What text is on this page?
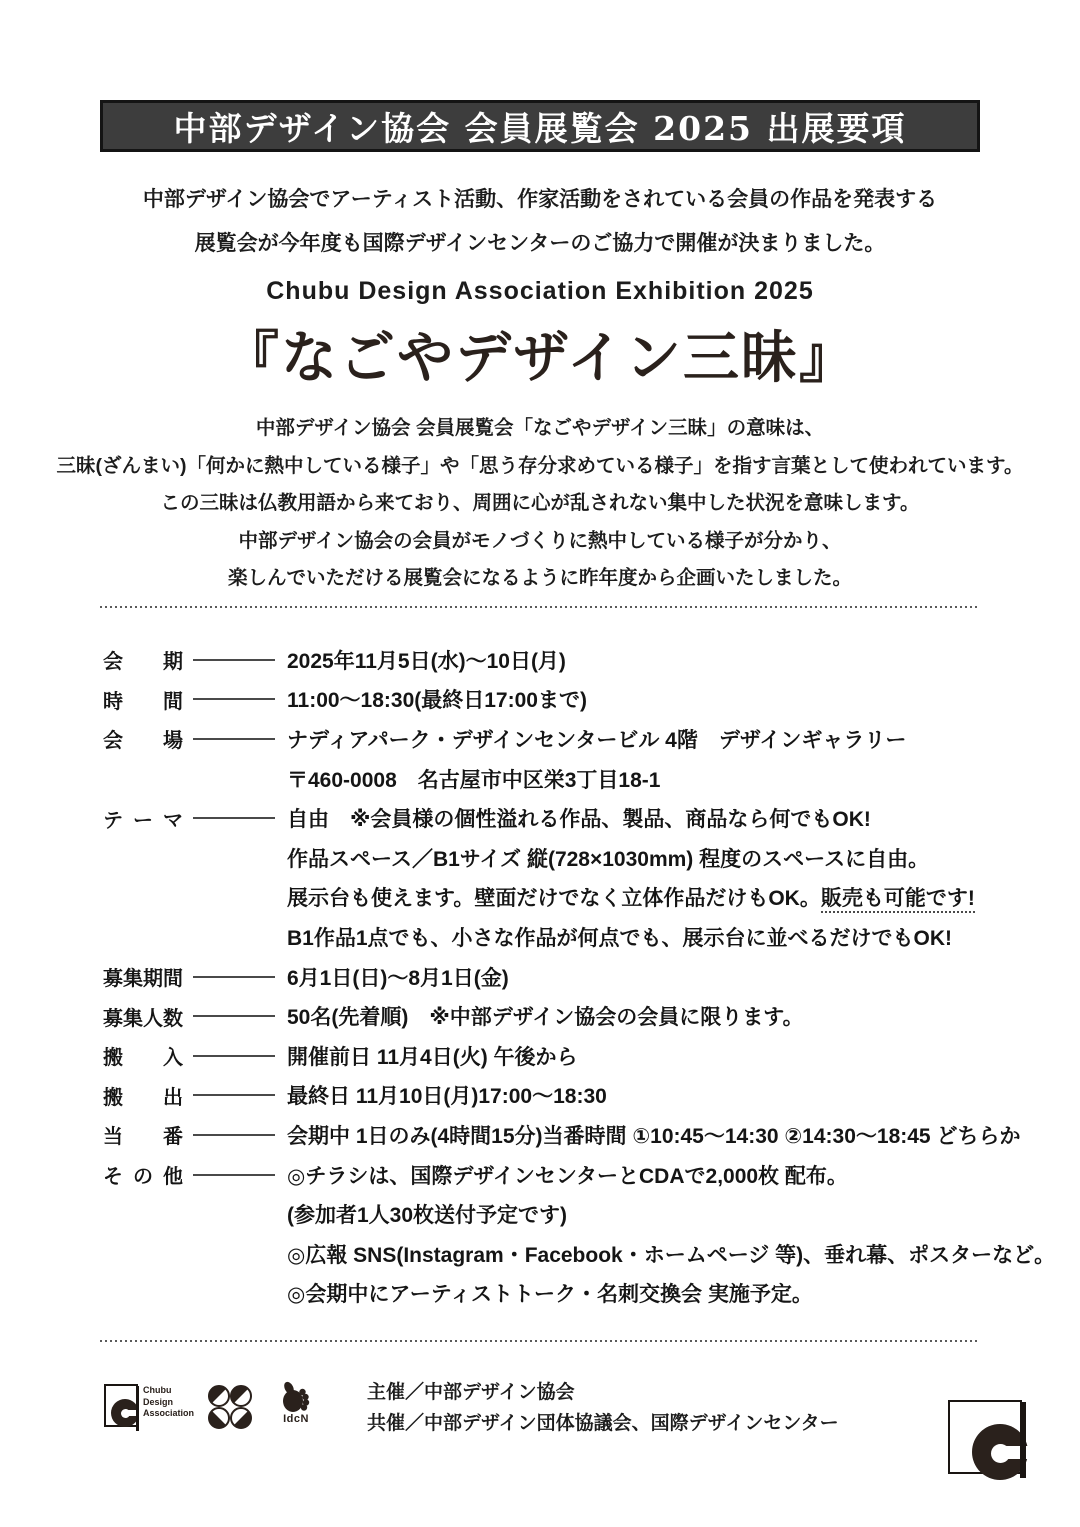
中部デザイン協会 会員展覧会 2025 出展要項
中部デザイン協会でアーティスト活動、作家活動をされている会員の作品を発表する
展覧会が今年度も国際デザインセンターのご協力で開催が決まりました。
Chubu Design Association Exhibition 2025
『なごやデザイン三昧』
中部デザイン協会 会員展覧会「なごやデザイン三昧」の意味は、
三昧(ざんまい)「何かに熱中している様子」や「思う存分求めている様子」を指す言葉として使われています。
この三昧は仏教用語から来ており、周囲に心が乱されない集中した状況を意味します。
中部デザイン協会の会員がモノづくりに熱中している様子が分かり、
楽しんでいただける展覧会になるように昨年度から企画いたしました。
会期	2025年11月5日(水)～10日(月)
時間	11:00～18:30(最終日17:00まで)
会場	ナディアパーク・デザインセンタービル 4階　デザインギャラリー
〒460-0008　名古屋市中区栄3丁目18-1
テーマ	自由　※会員様の個性溢れる作品、製品、商品なら何でもOK!
作品スペース／B1サイズ 縦(728×1030mm) 程度のスペースに自由。
展示台も使えます。壁面だけでなく立体作品だけもOK。販売も可能です!
B1作品1点でも、小さな作品が何点でも、展示台に並べるだけでもOK!
募集期間	6月1日(日)～8月1日(金)
募集人数	50名(先着順)　※中部デザイン協会の会員に限ります。
搬入	開催前日 11月4日(火) 午後から
搬出	最終日 11月10日(月)17:00～18:30
当番	会期中 1日のみ(4時間15分)当番時間 ①10:45～14:30 ②14:30～18:45 どちらか
その他	◎チラシは、国際デザインセンターとCDAで2,000枚 配布。
(参加者1人30枚送付予定です)
◎広報 SNS(Instagram・Facebook・ホームページ 等)、垂れ幕、ポスターなど。
◎会期中にアーティストトーク・名刺交換会 実施予定。
Chubu
Design
Association	IdcN
主催／中部デザイン協会
共催／中部デザイン団体協議会、国際デザインセンター
